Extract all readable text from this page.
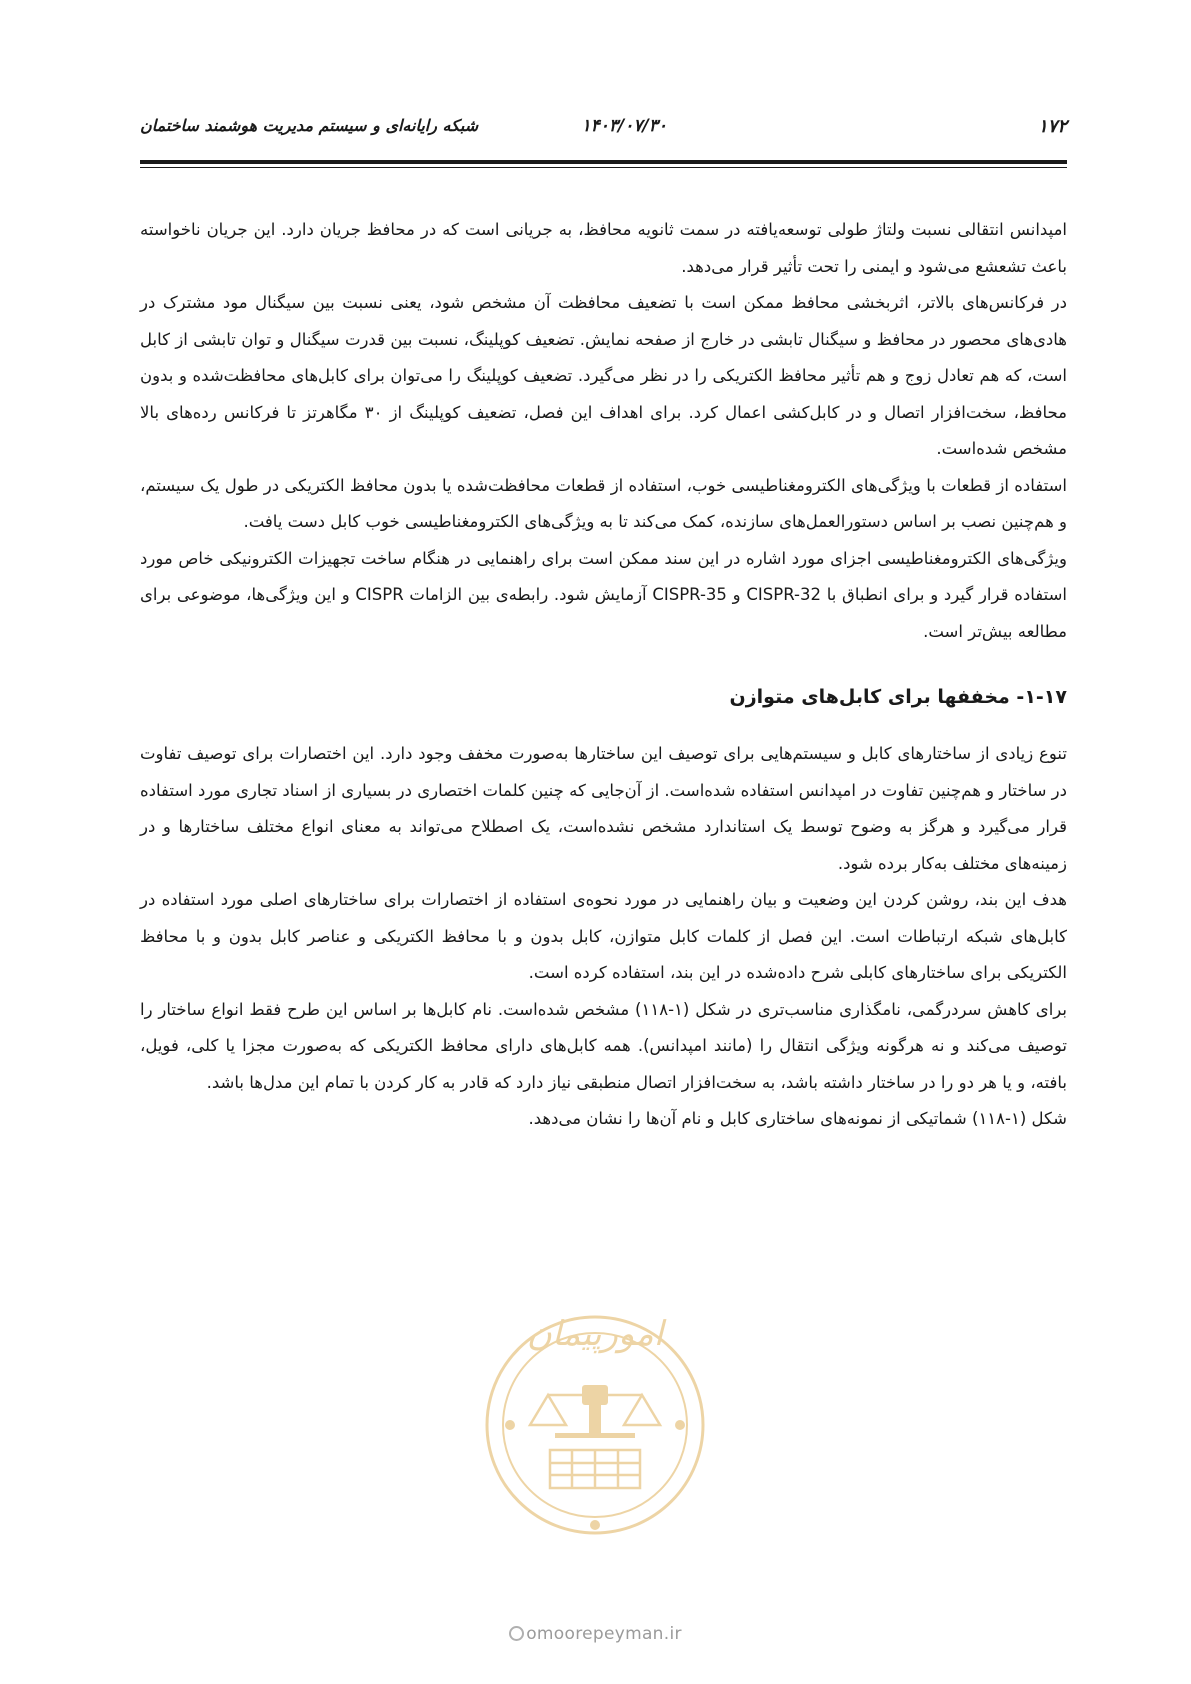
۱۷۲
۱۴۰۳/۰۷/۳۰
شبکه رایانه‌ای و سیستم مدیریت هوشمند ساختمان

امپدانس انتقالی نسبت ولتاژ طولی توسعه‌یافته در سمت ثانویه محافظ، به جریانی است که در محافظ جریان دارد. این جریان ناخواسته باعث تشعشع می‌شود و ایمنی را تحت تأثیر قرار می‌دهد.

در فرکانس‌های بالاتر، اثربخشی محافظ ممکن است با تضعیف محافظت آن مشخص شود، یعنی نسبت بین سیگنال مود مشترک در هادی‌های محصور در محافظ و سیگنال تابشی در خارج از صفحه نمایش. تضعیف کوپلینگ، نسبت بین قدرت سیگنال و توان تابشی از کابل است، که هم تعادل زوج و هم تأثیر محافظ الکتریکی را در نظر می‌گیرد. تضعیف کوپلینگ را می‌توان برای کابل‌های محافظت‌شده و بدون محافظ، سخت‌افزار اتصال و در کابل‌کشی اعمال کرد. برای اهداف این فصل، تضعیف کوپلینگ از ۳۰ مگاهرتز تا فرکانس رده‌های بالا مشخص شده‌است.

استفاده از قطعات با ویژگی‌های الکترومغناطیسی خوب، استفاده از قطعات محافظت‌شده یا بدون محافظ الکتریکی در طول یک سیستم، و هم‌چنین نصب بر اساس دستورالعمل‌های سازنده، کمک می‌کند تا به ویژگی‌های الکترومغناطیسی خوب کابل دست یافت.

ویژگی‌های الکترومغناطیسی اجزای مورد اشاره در این سند ممکن است برای راهنمایی در هنگام ساخت تجهیزات الکترونیکی خاص مورد استفاده قرار گیرد و برای انطباق با CISPR-32 و CISPR-35 آزمایش شود. رابطه‌ی بین الزامات CISPR و این ویژگی‌ها، موضوعی برای مطالعه بیش‌تر است.

۱-۱۷- مخففها برای کابل‌های متوازن

تنوع زیادی از ساختارهای کابل و سیستم‌هایی برای توصیف این ساختارها به‌صورت مخفف وجود دارد. این اختصارات برای توصیف تفاوت در ساختار و هم‌چنین تفاوت در امپدانس استفاده شده‌است. از آن‌جایی که چنین کلمات اختصاری در بسیاری از اسناد تجاری مورد استفاده قرار می‌گیرد و هرگز به وضوح توسط یک استاندارد مشخص نشده‌است، یک اصطلاح می‌تواند به معنای انواع مختلف ساختارها و در زمینه‌های مختلف به‌کار برده شود.

هدف این بند، روشن کردن این وضعیت و بیان راهنمایی در مورد نحوه‌ی استفاده از اختصارات برای ساختارهای اصلی مورد استفاده در کابل‌های شبکه ارتباطات است. این فصل از کلمات کابل متوازن، کابل بدون و با محافظ الکتریکی و عناصر کابل بدون و با محافظ الکتریکی برای ساختارهای کابلی شرح داده‌شده در این بند، استفاده کرده است.

برای کاهش سردرگمی، نامگذاری مناسب‌تری در شکل (۱-۱۱۸) مشخص شده‌است. نام کابل‌ها بر اساس این طرح فقط انواع ساختار را توصیف می‌کند و نه هرگونه ویژگی انتقال را (مانند امپدانس). همه کابل‌های دارای محافظ الکتریکی که به‌صورت مجزا یا کلی، فویل، بافته، و یا هر دو را در ساختار داشته باشد، به سخت‌افزار اتصال منطبقی نیاز دارد که قادر به کار کردن با تمام این مدل‌ها باشد.

شکل (۱-۱۱۸) شماتیکی از نمونه‌های ساختاری کابل و نام آن‌ها را نشان می‌دهد.

امورپیمان
omoorepeyman.ir
